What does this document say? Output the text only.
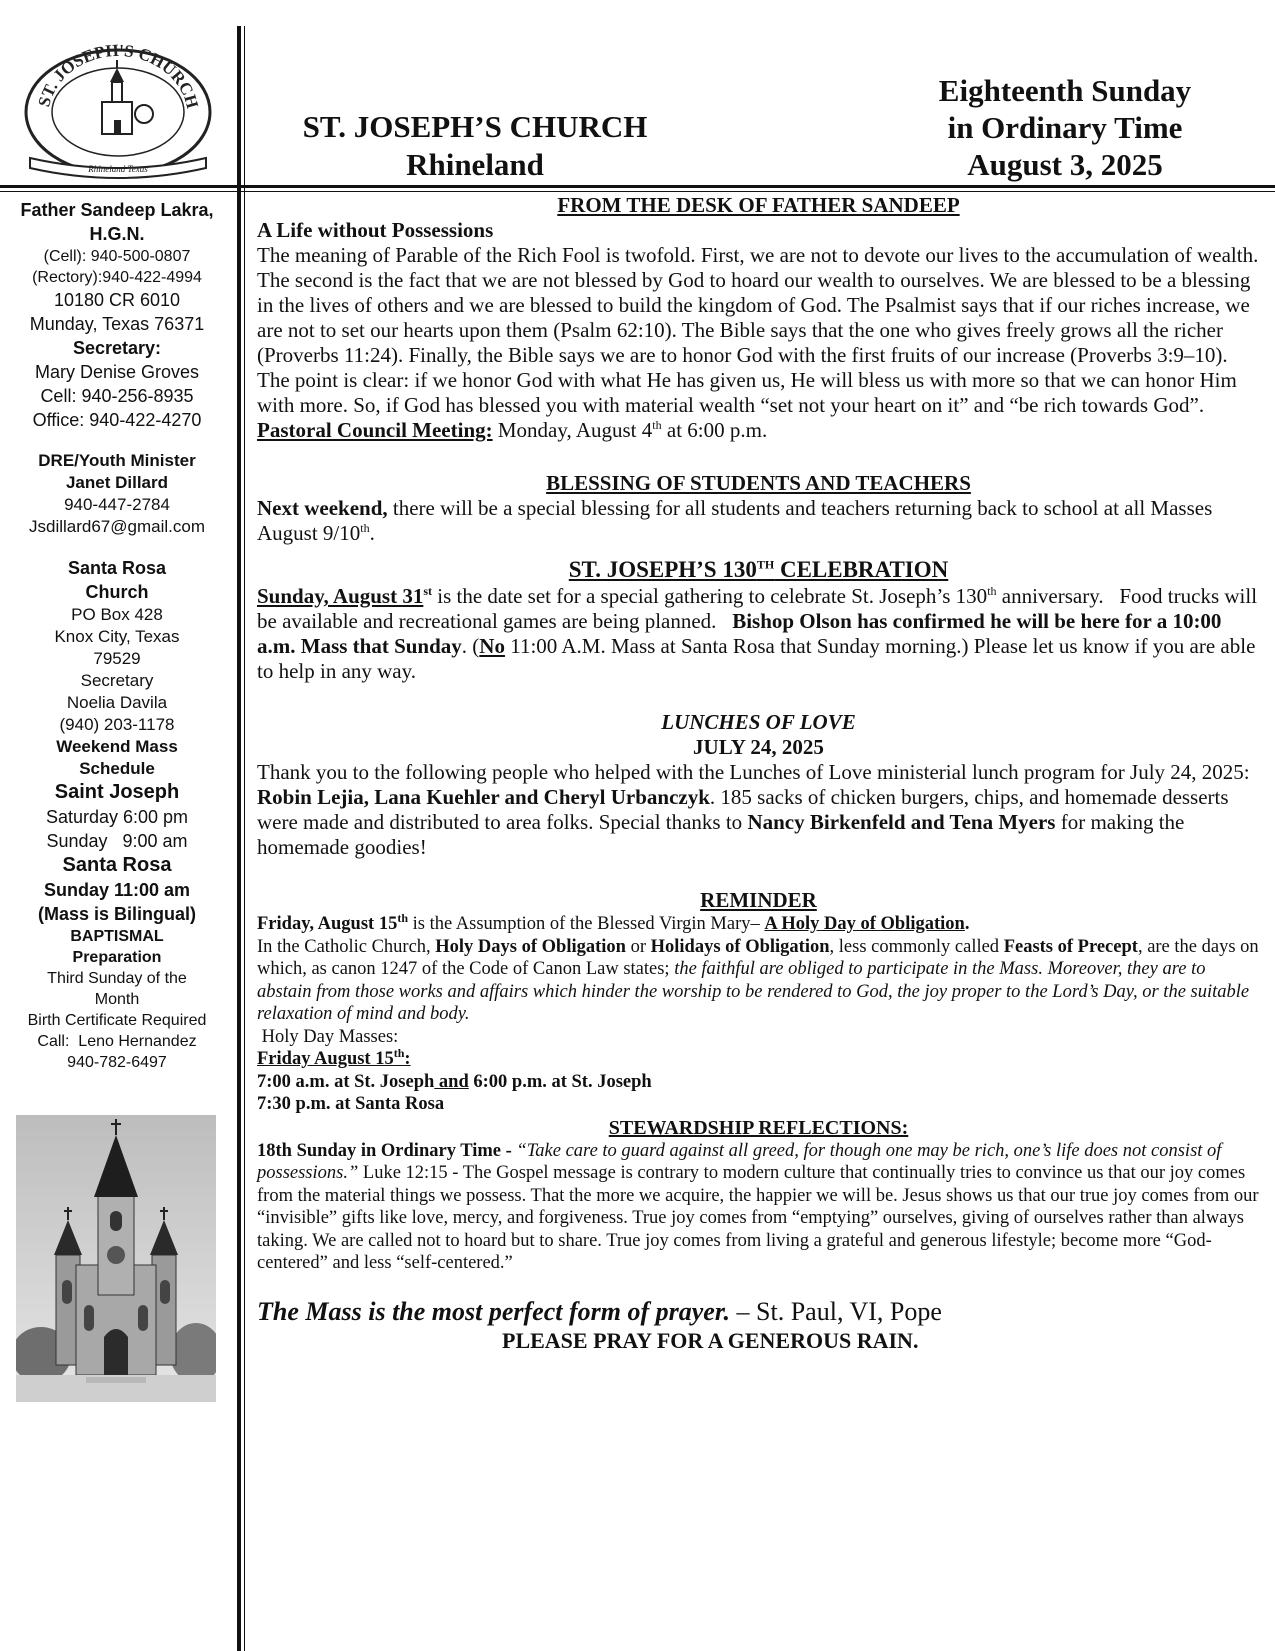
ST. JOSEPH'S CHURCH
Rhineland Texas
ST. JOSEPH’S CHURCH
Rhineland
Eighteenth Sunday
in Ordinary Time
August 3, 2025
Father Sandeep Lakra, H.G.N.
(Cell): 940-500-0807
(Rectory):940-422-4994
10180 CR 6010
Munday, Texas 76371
Secretary:
Mary Denise Groves
Cell: 940-256-8935
Office: 940-422-4270
DRE/Youth Minister
Janet Dillard
940-447-2784
Jsdillard67@gmail.com
Santa Rosa Church
PO Box 428
Knox City, Texas
79529
Secretary
Noelia Davila
(940) 203-1178
Weekend Mass Schedule
Saint Joseph
Saturday 6:00 pm
Sunday   9:00 am
Santa Rosa
Sunday 11:00 am
(Mass is Bilingual)
BAPTISMAL
Preparation
Third Sunday of the Month
Birth Certificate Required
Call:  Leno Hernandez
940-782-6497

FROM THE DESK OF FATHER SANDEEP

A Life without Possessions

The meaning of Parable of the Rich Fool is twofold. First, we are not to devote our lives to the accumulation of wealth. The second is the fact that we are not blessed by God to hoard our wealth to ourselves. We are blessed to be a blessing in the lives of others and we are blessed to build the kingdom of God. The Psalmist says that if our riches increase, we are not to set our hearts upon them (Psalm 62:10). The Bible says that the one who gives freely grows all the richer (Proverbs 11:24). Finally, the Bible says we are to honor God with the first fruits of our increase (Proverbs 3:9–10). The point is clear: if we honor God with what He has given us, He will bless us with more so that we can honor Him with more. So, if God has blessed you with material wealth “set not your heart on it” and “be rich towards God”.

Pastoral Council Meeting: Monday, August 4th at 6:00 p.m.

BLESSING OF STUDENTS AND TEACHERS

Next weekend, there will be a special blessing for all students and teachers returning back to school at all Masses August 9/10th.

ST. JOSEPH’S 130TH CELEBRATION

Sunday, August 31st is the date set for a special gathering to celebrate St. Joseph’s 130th anniversary.   Food trucks will be available and recreational games are being planned.   Bishop Olson has confirmed he will be here for a 10:00 a.m. Mass that Sunday. (No 11:00 A.M. Mass at Santa Rosa that Sunday morning.) Please let us know if you are able to help in any way.

LUNCHES OF LOVE

JULY 24, 2025

Thank you to the following people who helped with the Lunches of Love ministerial lunch program for July 24, 2025: Robin Lejia, Lana Kuehler and Cheryl Urbanczyk. 185 sacks of chicken burgers, chips, and homemade desserts were made and distributed to area folks. Special thanks to Nancy Birkenfeld and Tena Myers for making the homemade goodies!

REMINDER

Friday, August 15th is the Assumption of the Blessed Virgin Mary– A Holy Day of Obligation.

In the Catholic Church, Holy Days of Obligation or Holidays of Obligation, less commonly called Feasts of Precept, are the days on which, as canon 1247 of the Code of Canon Law states; the faithful are obliged to participate in the Mass. Moreover, they are to abstain from those works and affairs which hinder the worship to be rendered to God, the joy proper to the Lord’s Day, or the suitable relaxation of mind and body.

Holy Day Masses:

Friday August 15th:

7:00 a.m. at St. Joseph and 6:00 p.m. at St. Joseph

7:30 p.m. at Santa Rosa

STEWARDSHIP REFLECTIONS:

18th Sunday in Ordinary Time - “Take care to guard against all greed, for though one may be rich, one’s life does not consist of possessions.” Luke 12:15 - The Gospel message is contrary to modern culture that continually tries to convince us that our joy comes from the material things we possess. That the more we acquire, the happier we will be. Jesus shows us that our true joy comes from our “invisible” gifts like love, mercy, and forgiveness. True joy comes from “emptying” ourselves, giving of ourselves rather than always taking. We are called not to hoard but to share. True joy comes from living a grateful and generous lifestyle; become more “God-centered” and less “self-centered.”

The Mass is the most perfect form of prayer. – St. Paul, VI, Pope

PLEASE PRAY FOR A GENEROUS RAIN.
